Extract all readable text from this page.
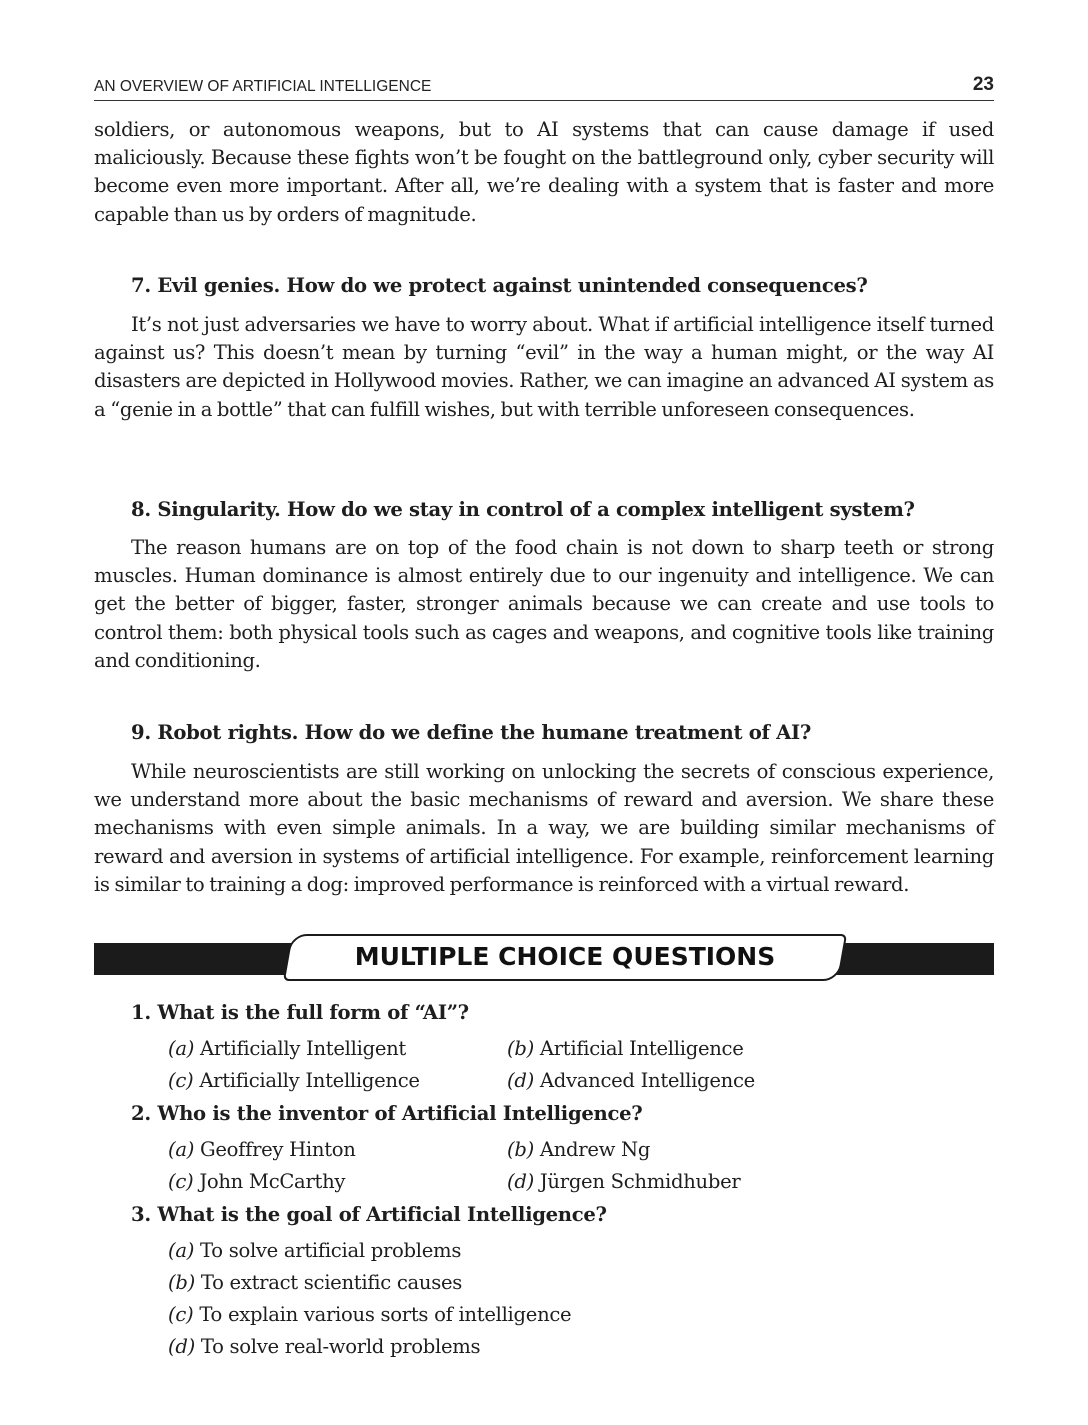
AN OVERVIEW OF ARTIFICIAL INTELLIGENCE	23

soldiers, or autonomous weapons, but to AI systems that can cause damage if used maliciously. Because these fights won’t be fought on the battleground only, cyber security will become even more important. After all, we’re dealing with a system that is faster and more capable than us by orders of magnitude.

7. Evil genies. How do we protect against unintended consequences?

It’s not just adversaries we have to worry about. What if artificial intelligence itself turned against us? This doesn’t mean by turning “evil” in the way a human might, or the way AI disasters are depicted in Hollywood movies. Rather, we can imagine an advanced AI system as a “genie in a bottle” that can fulfill wishes, but with terrible unforeseen consequences.

8. Singularity. How do we stay in control of a complex intelligent system?

The reason humans are on top of the food chain is not down to sharp teeth or strong muscles. Human dominance is almost entirely due to our ingenuity and intelligence. We can get the better of bigger, faster, stronger animals because we can create and use tools to control them: both physical tools such as cages and weapons, and cognitive tools like training and conditioning.

9. Robot rights. How do we define the humane treatment of AI?

While neuroscientists are still working on unlocking the secrets of conscious experience, we understand more about the basic mechanisms of reward and aversion. We share these mechanisms with even simple animals. In a way, we are building similar mechanisms of reward and aversion in systems of artificial intelligence. For example, reinforcement learning is similar to training a dog: improved performance is reinforced with a virtual reward.

MULTIPLE CHOICE QUESTIONS

1. What is the full form of “AI”?

(a) Artificially Intelligent	(b) Artificial Intelligence

(c) Artificially Intelligence	(d) Advanced Intelligence

2. Who is the inventor of Artificial Intelligence?

(a) Geoffrey Hinton	(b) Andrew Ng

(c) John McCarthy	(d) Jürgen Schmidhuber

3. What is the goal of Artificial Intelligence?

(a) To solve artificial problems

(b) To extract scientific causes

(c) To explain various sorts of intelligence

(d) To solve real-world problems
